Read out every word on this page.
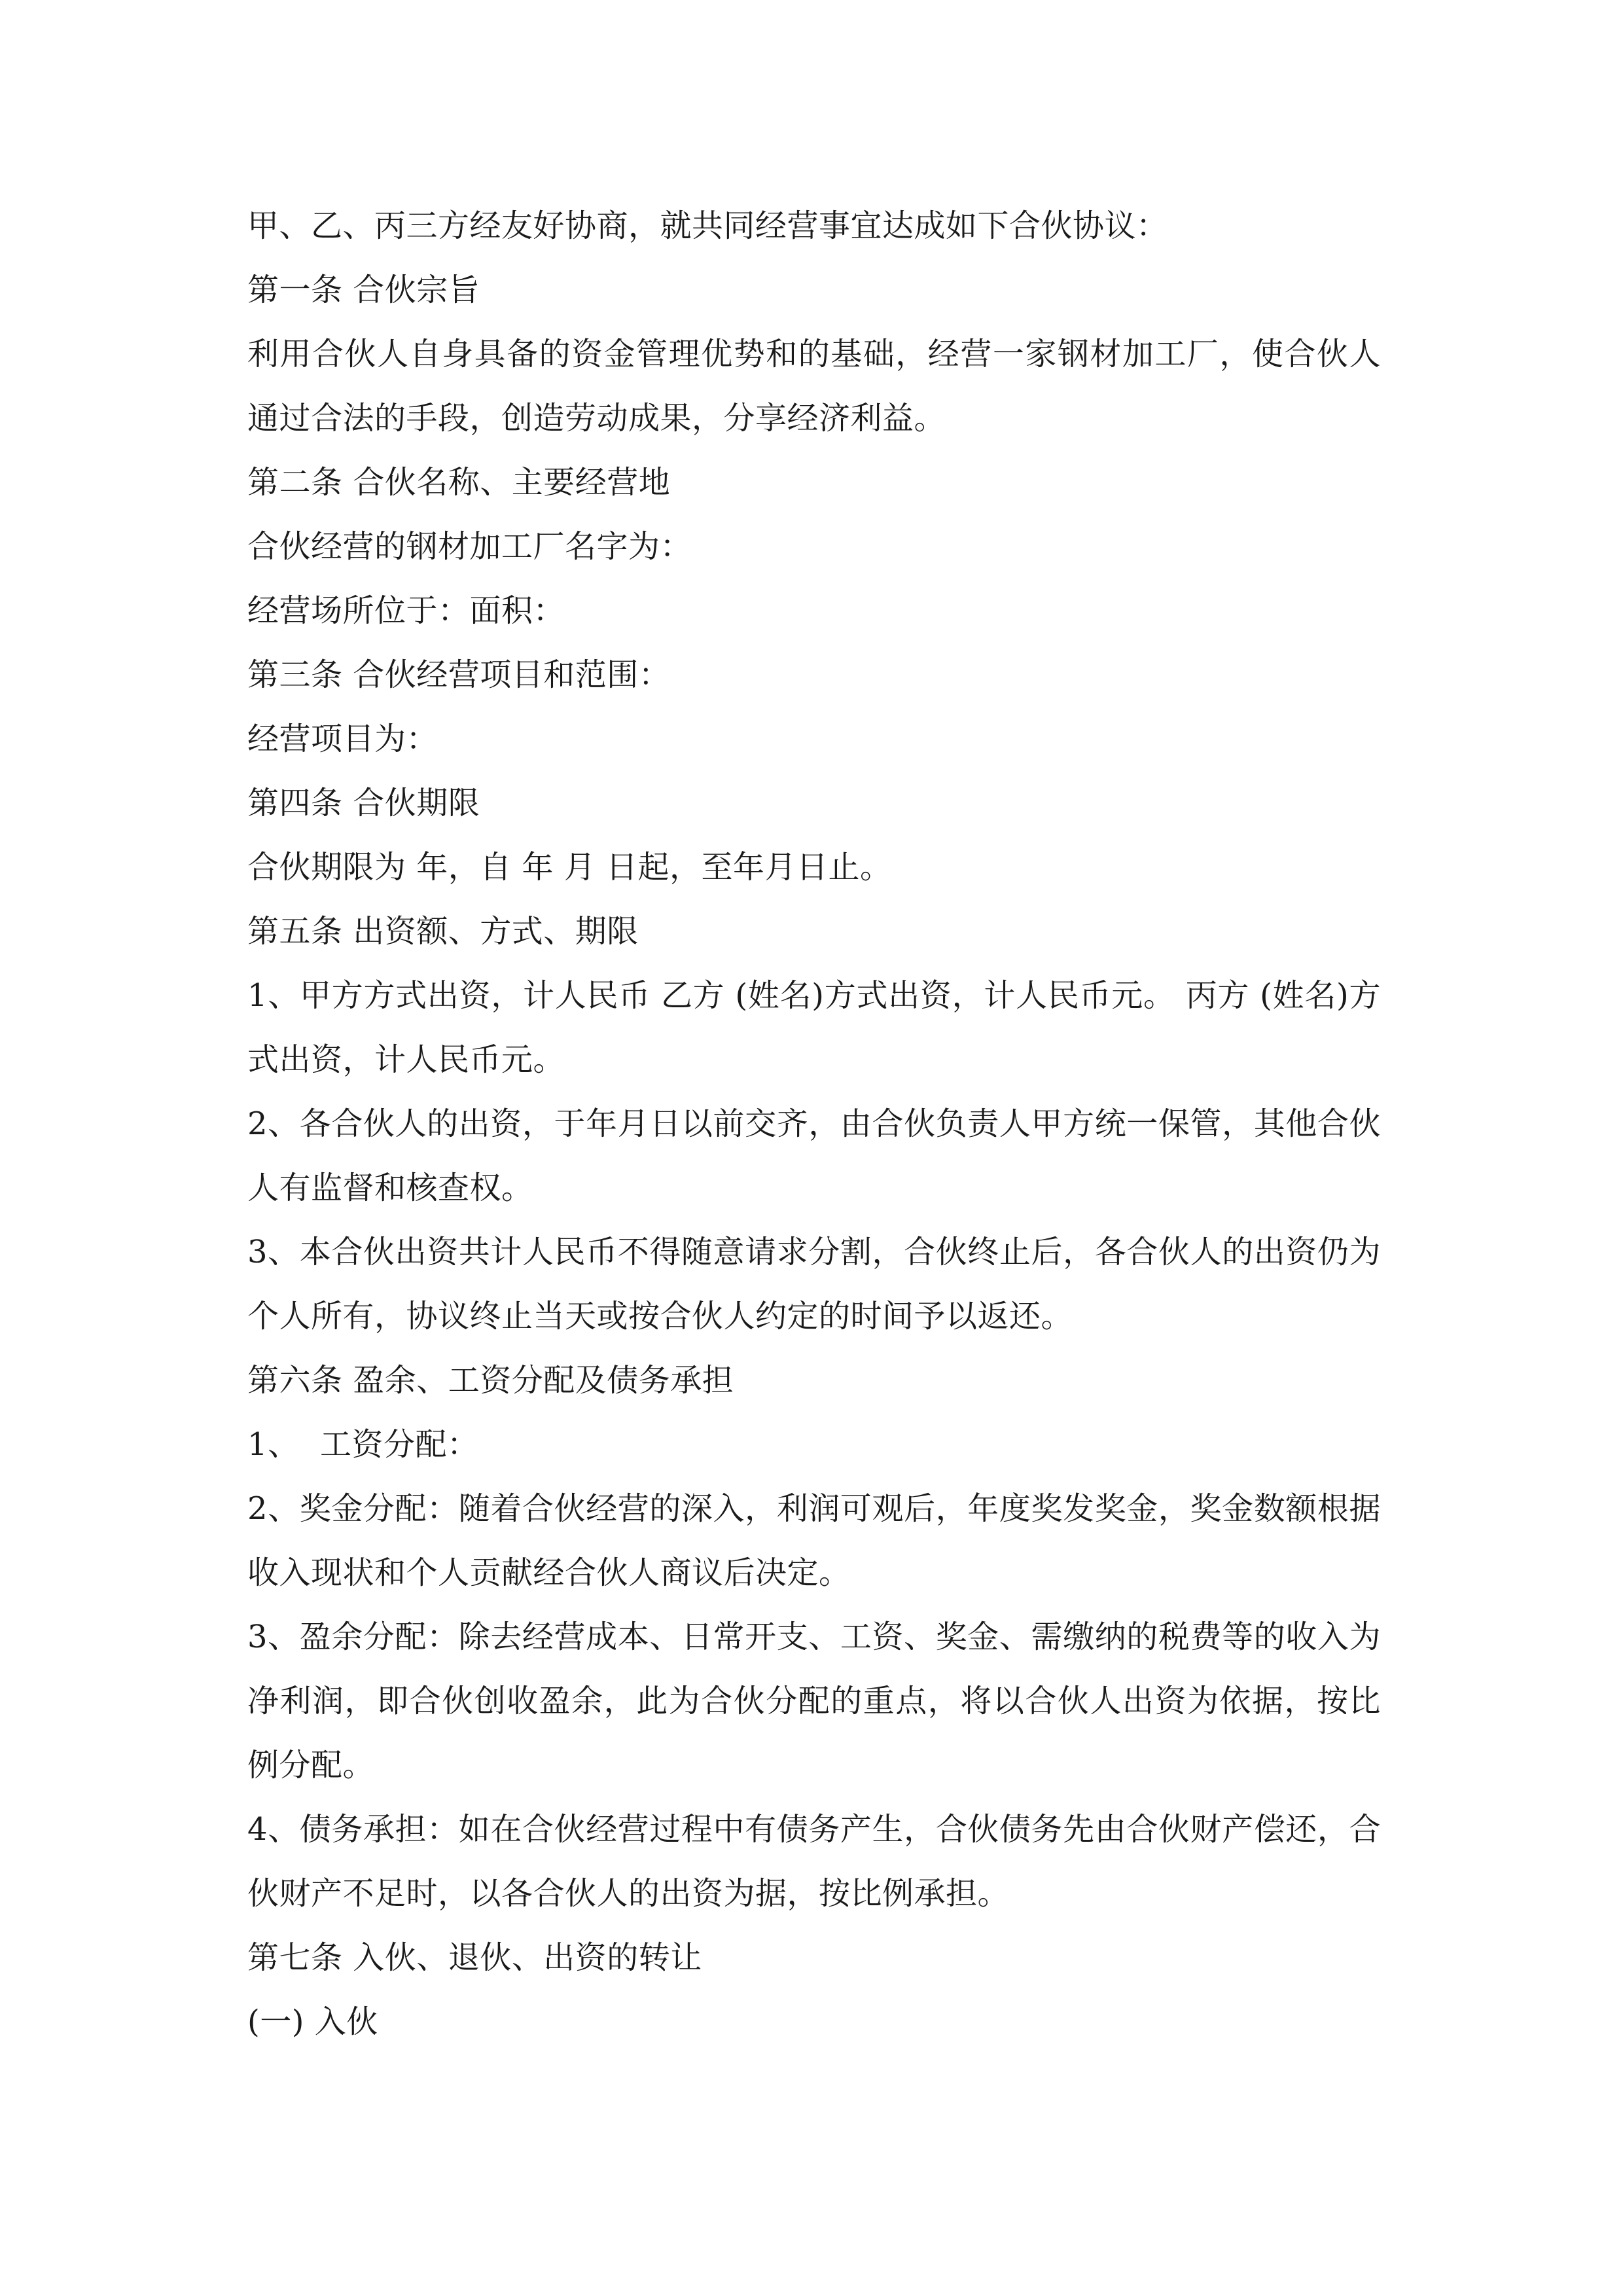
甲、乙、丙三方经友好协商，就共同经营事宜达成如下合伙协议：

第一条 合伙宗旨

利用合伙人自身具备的资金管理优势和的基础，经营一家钢材加工厂，使合伙人通过合法的手段，创造劳动成果，分享经济利益。

第二条 合伙名称、主要经营地

合伙经营的钢材加工厂名字为：

经营场所位于：面积：

第三条 合伙经营项目和范围：

经营项目为：

第四条 合伙期限

合伙期限为 年，自 年 月 日起，至年月日止。

第五条 出资额、方式、期限

1、甲方方式出资，计人民币 乙方 (姓名)方式出资，计人民币元。 丙方 (姓名)方式出资，计人民币元。

2、各合伙人的出资，于年月日以前交齐，由合伙负责人甲方统一保管，其他合伙人有监督和核查权。

3、本合伙出资共计人民币不得随意请求分割，合伙终止后，各合伙人的出资仍为个人所有，协议终止当天或按合伙人约定的时间予以返还。

第六条 盈余、工资分配及债务承担

1、  工资分配：

2、奖金分配：随着合伙经营的深入，利润可观后，年度奖发奖金，奖金数额根据收入现状和个人贡献经合伙人商议后决定。

3、盈余分配：除去经营成本、日常开支、工资、奖金、需缴纳的税费等的收入为净利润，即合伙创收盈余，此为合伙分配的重点，将以合伙人出资为依据，按比例分配。

4、债务承担：如在合伙经营过程中有债务产生，合伙债务先由合伙财产偿还，合伙财产不足时，以各合伙人的出资为据，按比例承担。

第七条 入伙、退伙、出资的转让

(一) 入伙
